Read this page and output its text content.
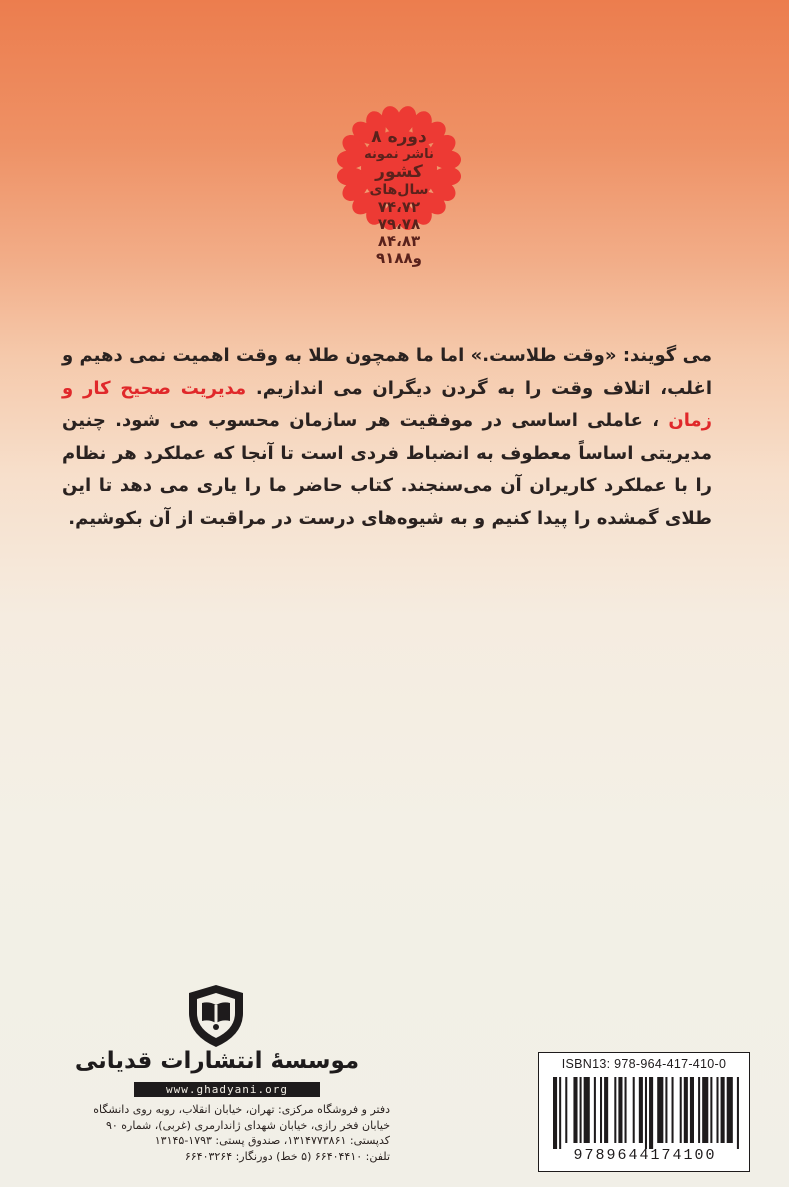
۸ دوره
ناشر نمونه
کشور
سال‌های
۷۴،۷۲
۷۹،۷۸
۸۴،۸۳
۹۱و۸۸
می گویند: «وقت طلاست.» اما ما همچون طلا به وقت اهمیت نمی دهیم و اغلب، اتلاف وقت را به گردن دیگران می اندازیم. مدیریت صحیح کار و زمان ، عاملی اساسی در موفقیت هر سازمان محسوب می شود. چنین مدیریتی اساساً معطوف به انضباط فردی است تا آنجا که عملکرد هر نظام را با عملکرد کاریران آن می‌سنجند. کتاب حاضر ما را یاری می دهد تا این طلای گمشده را پیدا کنیم و به شیوه‌های درست در مراقبت از آن بکوشیم.
موسسهٔ انتشارات قدیانی
www.ghadyani.org
دفتر و فروشگاه مرکزی: تهران، خیابان انقلاب، روبه روی دانشگاه
خیابان فخر رازی، خیابان شهدای ژاندارمری (غربی)، شماره ۹۰
کدپستی: ۱۳۱۴۷۷۳۸۶۱، صندوق پستی: ۱۷۹۳-۱۳۱۴۵
تلفن: ۶۶۴۰۴۴۱۰ (۵ خط) دورنگار: ۶۶۴۰۳۲۶۴
ISBN13: 978-964-417-410-0
9789644174100
